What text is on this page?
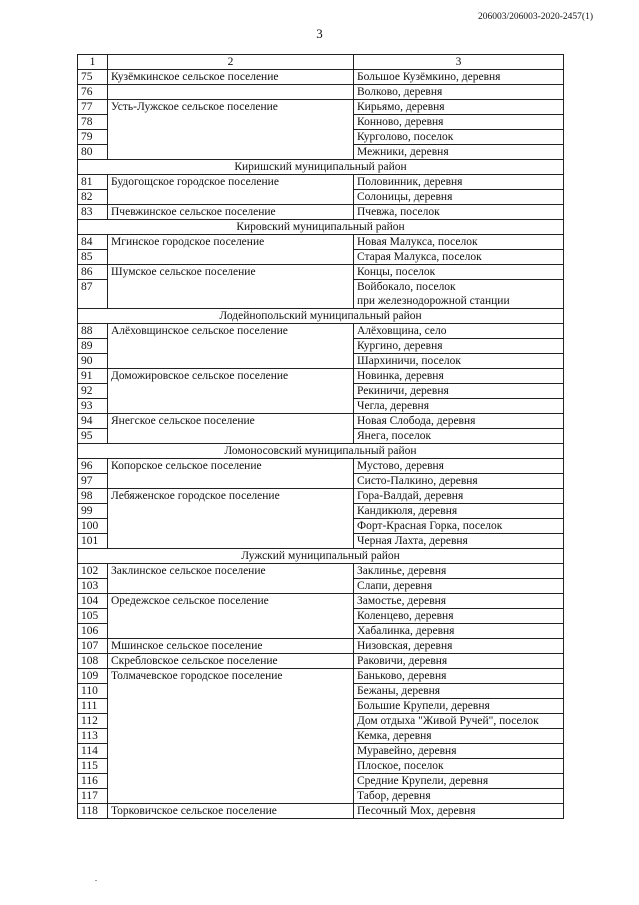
206003/206003-2020-2457(1)
3
1	2	3
75	Кузёмкинское сельское поселение	Большое Кузёмкино, деревня
76		Волково, деревня
77	Усть-Лужское сельское поселение	Кирьямо, деревня
78		Конново, деревня
79		Курголово, поселок
80		Межники, деревня
Киришский муниципальный район		
81	Будогощское городское поселение	Половинник, деревня
82		Солоницы, деревня
83	Пчевжинское сельское поселение	Пчевжа, поселок
Кировский муниципальный район		
84	Мгинское городское поселение	Новая Малукса, поселок
85		Старая Малукса, поселок
86	Шумское сельское поселение	Концы, поселок
87		Войбокало, поселок
при железнодорожной станции

Лодейнопольский муниципальный район		
88	Алёховщинское сельское поселение	Алёховщина, село
89		Кургино, деревня
90		Шархиничи, поселок
91	Доможировское сельское поселение	Новинка, деревня
92		Рекиничи, деревня
93		Чегла, деревня
94	Янегское сельское поселение	Новая Слобода, деревня
95		Янега, поселок
Ломоносовский муниципальный район		
96	Копорское сельское поселение	Мустово, деревня
97		Систо-Палкино, деревня
98	Лебяженское городское поселение	Гора-Валдай, деревня
99		Кандикюля, деревня
100		Форт-Красная Горка, поселок
101		Черная Лахта, деревня
Лужский муниципальный район		
102	Заклинское сельское поселение	Заклинье, деревня
103		Слапи, деревня
104	Оредежское сельское поселение	Замостье, деревня
105		Коленцево, деревня
106		Хабалинка, деревня
107	Мшинское сельское поселение	Низовская, деревня
108	Скребловское сельское поселение	Раковичи, деревня
109	Толмачевское городское поселение	Баньково, деревня
110		Бежаны, деревня
111		Большие Крупели, деревня
112		Дом отдыха "Живой Ручей", поселок
113		Кемка, деревня
114		Муравейно, деревня
115		Плоское, поселок
116		Средние Крупели, деревня
117		Табор, деревня
118	Торковичское сельское поселение	Песочный Мох, деревня
